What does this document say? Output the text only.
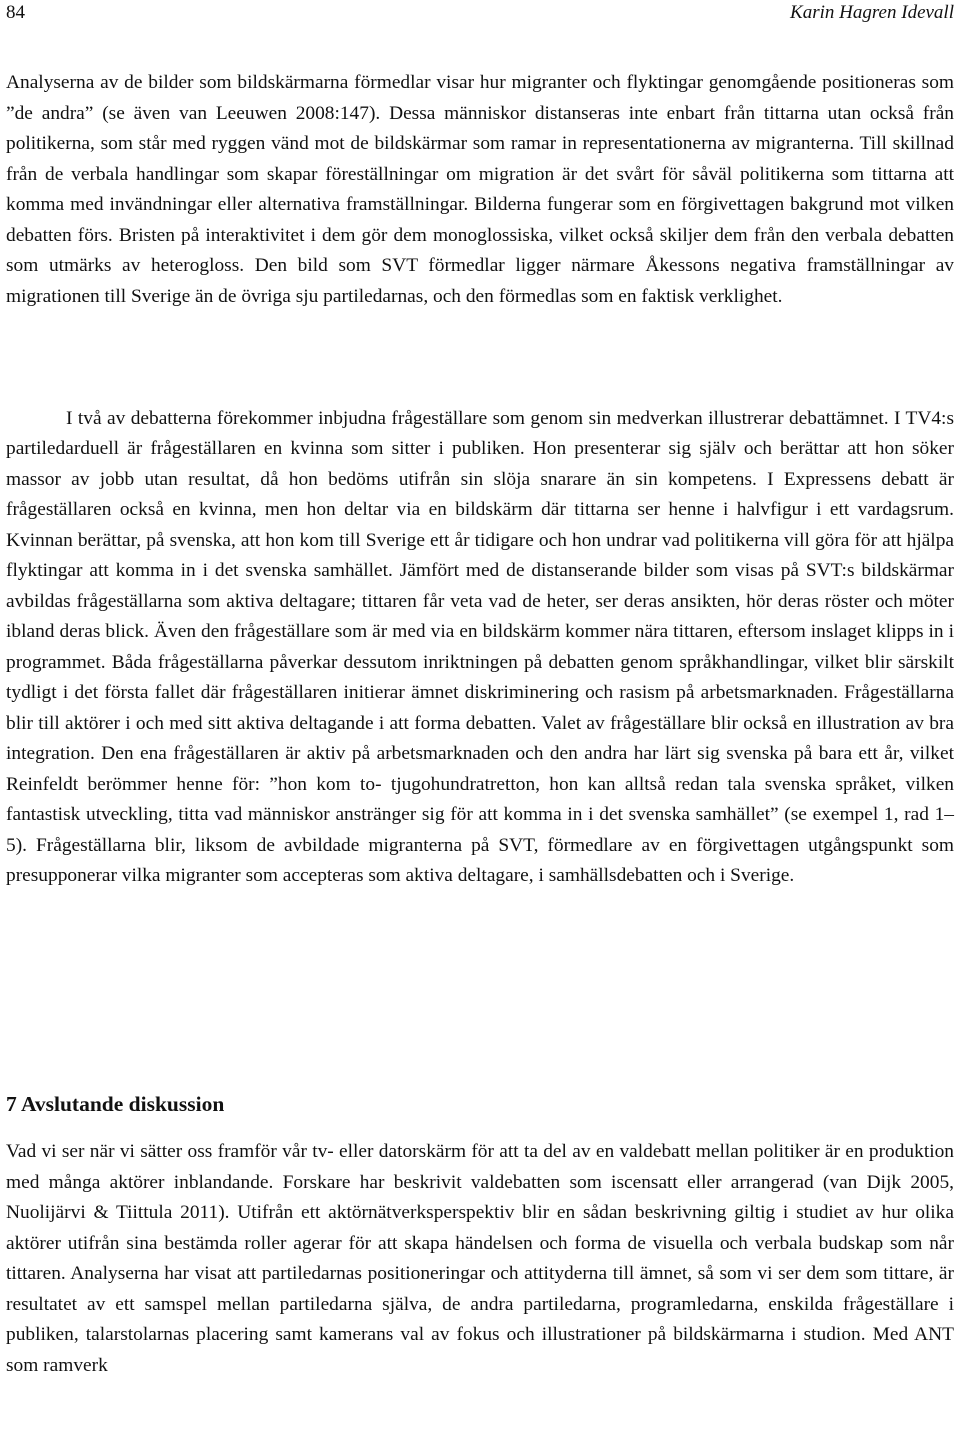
84	Karin Hagren Idevall

Analyserna av de bilder som bildskärmarna förmedlar visar hur migranter och flyktingar genomgående positioneras som ”de andra” (se även van Leeuwen 2008:147). Dessa människor distanseras inte enbart från tittarna utan också från politikerna, som står med ryggen vänd mot de bildskärmar som ramar in representationerna av migranterna. Till skillnad från de verbala handlingar som skapar föreställningar om migration är det svårt för såväl politikerna som tittarna att komma med invändningar eller alternativa framställningar. Bilderna fungerar som en förgivettagen bakgrund mot vilken debatten förs. Bristen på interaktivitet i dem gör dem monoglossiska, vilket också skiljer dem från den verbala debatten som utmärks av heterogloss. Den bild som SVT förmedlar ligger närmare Åkessons negativa framställningar av migrationen till Sverige än de övriga sju partiledarnas, och den förmedlas som en faktisk verklighet.

I två av debatterna förekommer inbjudna frågeställare som genom sin medverkan illustrerar debattämnet. I TV4:s partiledarduell är frågeställaren en kvinna som sitter i publiken. Hon presenterar sig själv och berättar att hon söker massor av jobb utan resultat, då hon bedöms utifrån sin slöja snarare än sin kompetens. I Expressens debatt är frågeställaren också en kvinna, men hon deltar via en bildskärm där tittarna ser henne i halvfigur i ett vardagsrum. Kvinnan berättar, på svenska, att hon kom till Sverige ett år tidigare och hon undrar vad politikerna vill göra för att hjälpa flyktingar att komma in i det svenska samhället. Jämfört med de distanserande bilder som visas på SVT:s bildskärmar avbildas frågeställarna som aktiva deltagare; tittaren får veta vad de heter, ser deras ansikten, hör deras röster och möter ibland deras blick. Även den frågeställare som är med via en bildskärm kommer nära tittaren, eftersom inslaget klipps in i programmet. Båda frågeställarna påverkar dessutom inriktningen på debatten genom språkhandlingar, vilket blir särskilt tydligt i det första fallet där frågeställaren initierar ämnet diskriminering och rasism på arbetsmarknaden. Frågeställarna blir till aktörer i och med sitt aktiva deltagande i att forma debatten. Valet av frågeställare blir också en illustration av bra integration. Den ena frågeställaren är aktiv på arbetsmarknaden och den andra har lärt sig svenska på bara ett år, vilket Reinfeldt berömmer henne för: ”hon kom to- tjugohundratretton, hon kan alltså redan tala svenska språket, vilken fantastisk utveckling, titta vad människor anstränger sig för att komma in i det svenska samhället” (se exempel 1, rad 1–5). Frågeställarna blir, liksom de avbildade migranterna på SVT, förmedlare av en förgivettagen utgångspunkt som presupponerar vilka migranter som accepteras som aktiva deltagare, i samhällsdebatten och i Sverige.

7 Avslutande diskussion

Vad vi ser när vi sätter oss framför vår tv- eller datorskärm för att ta del av en valdebatt mellan politiker är en produktion med många aktörer inblandande. Forskare har beskrivit valdebatten som iscensatt eller arrangerad (van Dijk 2005, Nuolijärvi & Tiittula 2011). Utifrån ett aktörnätverksperspektiv blir en sådan beskrivning giltig i studiet av hur olika aktörer utifrån sina bestämda roller agerar för att skapa händelsen och forma de visuella och verbala budskap som når tittaren. Analyserna har visat att partiledarnas positioneringar och attityderna till ämnet, så som vi ser dem som tittare, är resultatet av ett samspel mellan partiledarna själva, de andra partiledarna, programledarna, enskilda frågeställare i publiken, talarstolarnas placering samt kamerans val av fokus och illustrationer på bildskärmarna i studion. Med ANT som ramverk
